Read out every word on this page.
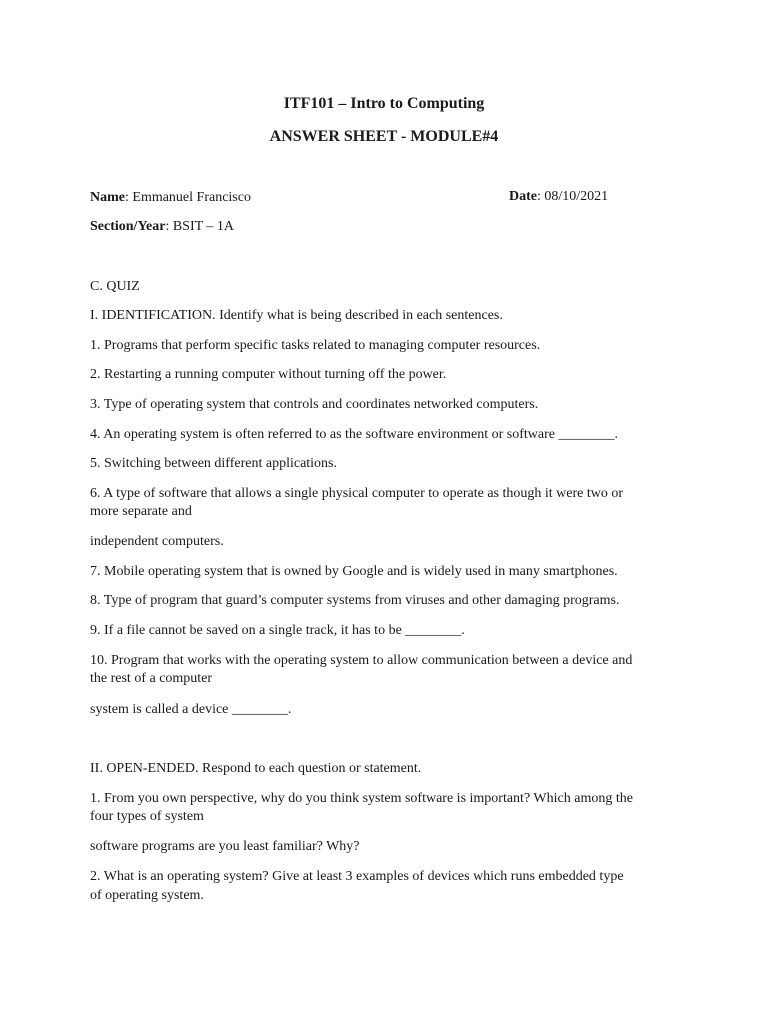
ITF101 – Intro to Computing
ANSWER SHEET - MODULE#4
Name: Emmanuel Francisco	Date: 08/10/2021
Section/Year: BSIT – 1A
C. QUIZ
I. IDENTIFICATION. Identify what is being described in each sentences.
1. Programs that perform specific tasks related to managing computer resources.
2. Restarting a running computer without turning off the power.
3. Type of operating system that controls and coordinates networked computers.
4. An operating system is often referred to as the software environment or software ________.
5. Switching between different applications.
6. A type of software that allows a single physical computer to operate as though it were two or
more separate and
independent computers.
7. Mobile operating system that is owned by Google and is widely used in many smartphones.
8. Type of program that guard’s computer systems from viruses and other damaging programs.
9. If a file cannot be saved on a single track, it has to be ________.
10. Program that works with the operating system to allow communication between a device and
the rest of a computer
system is called a device ________.
II. OPEN-ENDED. Respond to each question or statement.
1. From you own perspective, why do you think system software is important? Which among the
four types of system
software programs are you least familiar? Why?
2. What is an operating system? Give at least 3 examples of devices which runs embedded type
of operating system.
